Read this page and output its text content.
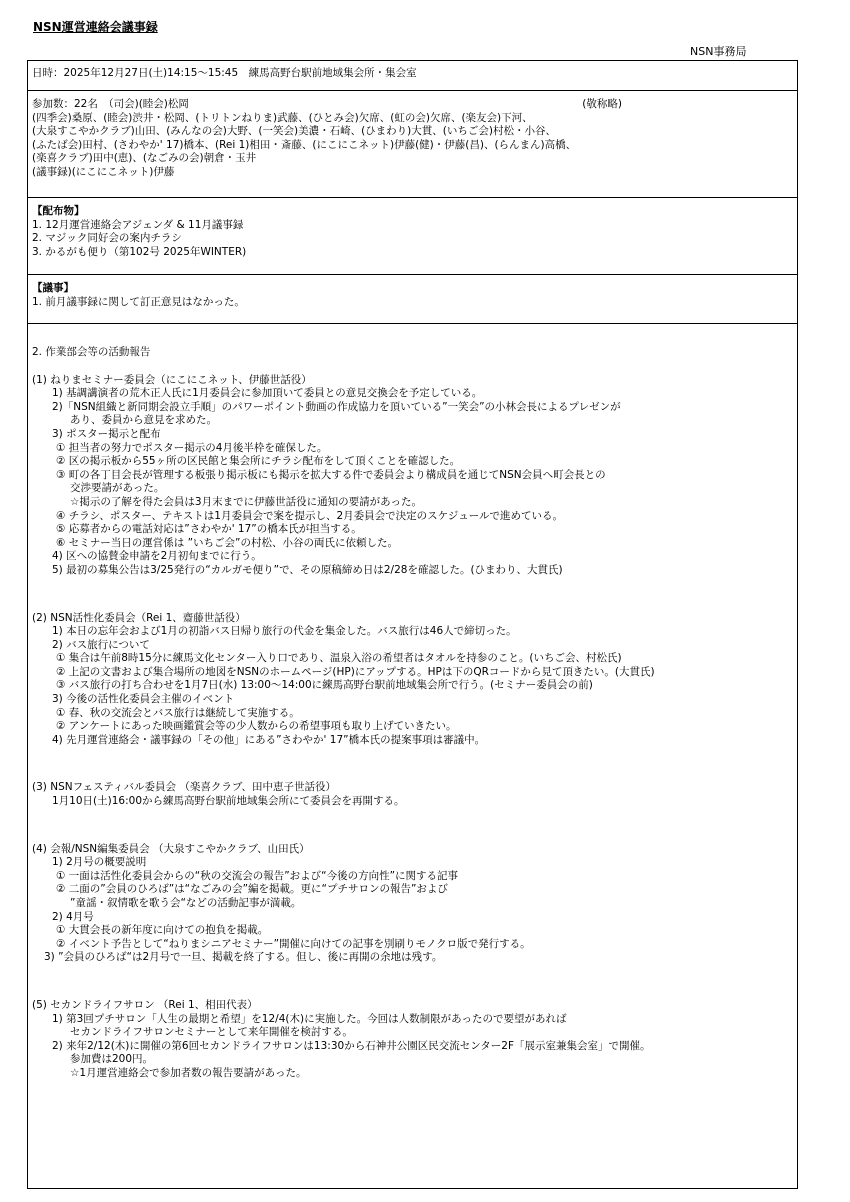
NSN運営連絡会議事録
NSN事務局
日時：2025年12月27日(土)14:15～15:45　練馬高野台駅前地域集会所・集会室
参加数：22名　（司会)(睦会)松岡	(敬称略)
(四季会)桑原、(睦会)渋井・松岡、(トリトンねりま)武藤、(ひとみ会)欠席、(虹の会)欠席、(楽友会)下河、
(大泉すこやかクラブ)山田、(みんなの会)大野、(一笑会)美濃・石崎、(ひまわり)大貫、(いちご会)村松・小谷、
(ふたば会)田村、(さわやか' 17)橋本、(Rei 1)相田・斎藤、(にこにこネット)伊藤(健)・伊藤(昌)、(らんまん)高橋、
(楽喜クラブ)田中(恵)、(なごみの会)朝倉・玉井
(議事録)(にこにこネット)伊藤
【配布物】
1. 12月運営連絡会アジェンダ & 11月議事録
2. マジック同好会の案内チラシ
3. かるがも便り（第102号 2025年WINTER)
【議事】
1. 前月議事録に関して訂正意見はなかった。
2. 作業部会等の活動報告
(1) ねりまセミナー委員会（にこにこネット、伊藤世話役）
1) 基調講演者の荒木正人氏に1月委員会に参加頂いて委員との意見交換会を予定している。
2)「NSN組織と新同期会設立手順」のパワーポイント動画の作成協力を頂いている”一笑会”の小林会長によるプレゼンが
あり、委員から意見を求めた。
3) ポスター掲示と配布
① 担当者の努力でポスター掲示の4月後半枠を確保した。
② 区の掲示板から55ヶ所の区民館と集会所にチラシ配布をして頂くことを確認した。
③ 町の各丁目会長が管理する板張り掲示板にも掲示を拡大する件で委員会より構成員を通じてNSN会員へ町会長との
交渉要請があった。
☆掲示の了解を得た会員は3月末までに伊藤世話役に通知の要請があった。
④ チラシ、ポスター、テキストは1月委員会で案を提示し、2月委員会で決定のスケジュールで進めている。
⑤ 応募者からの電話対応は”さわやか' 17”の橋本氏が担当する。
⑥ セミナー当日の運営係は ”いちご会”の村松、小谷の両氏に依頼した。
4) 区への協賛金申請を2月初旬までに行う。
5) 最初の募集公告は3/25発行の“カルガモ便り”で、その原稿締め日は2/28を確認した。(ひまわり、大貫氏)
(2) NSN活性化委員会（Rei 1、齋藤世話役）
1) 本日の忘年会および1月の初詣バス日帰り旅行の代金を集金した。バス旅行は46人で締切った。
2) バス旅行について
① 集合は午前8時15分に練馬文化センター入り口であり、温泉入浴の希望者はタオルを持参のこと。(いちご会、村松氏)
② 上記の文書および集合場所の地図をNSNのホームページ(HP)にアップする。HPは下のQRコードから見て頂きたい。(大貫氏)
③ バス旅行の打ち合わせを1月7日(水) 13:00～14:00に練馬高野台駅前地域集会所で行う。(セミナー委員会の前)
3) 今後の活性化委員会主催のイベント
① 春、秋の交流会とバス旅行は継続して実施する。
② アンケートにあった映画鑑賞会等の少人数からの希望事項も取り上げていきたい。
4) 先月運営連絡会・議事録の「その他」にある”さわやか' 17”橋本氏の提案事項は審議中。
(3) NSNフェスティバル委員会 （楽喜クラブ、田中恵子世話役）
1月10日(土)16:00から練馬高野台駅前地域集会所にて委員会を再開する。
(4) 会報/NSN編集委員会 （大泉すこやかクラブ、山田氏）
1) 2月号の概要説明
① 一面は活性化委員会からの“秋の交流会の報告”および“今後の方向性”に関する記事
② 二面の”会員のひろば”は“なごみの会”編を掲載。更に“プチサロンの報告”および
”童謡・叙情歌を歌う会“などの活動記事が満載。
2) 4月号
① 大貫会長の新年度に向けての抱負を掲載。
② イベント予告として“ねりまシニアセミナー”開催に向けての記事を別刷りモノクロ版で発行する。
3) ”会員のひろば“は2月号で一旦、掲載を終了する。但し、後に再開の余地は残す。
(5) セカンドライフサロン （Rei 1、相田代表）
1) 第3回プチサロン「人生の最期と希望」を12/4(木)に実施した。今回は人数制限があったので要望があれば
セカンドライフサロンセミナーとして来年開催を検討する。
2) 来年2/12(木)に開催の第6回セカンドライフサロンは13:30から石神井公園区民交流センター2F「展示室兼集会室」で開催。
参加費は200円。
☆1月運営連絡会で参加者数の報告要請があった。
